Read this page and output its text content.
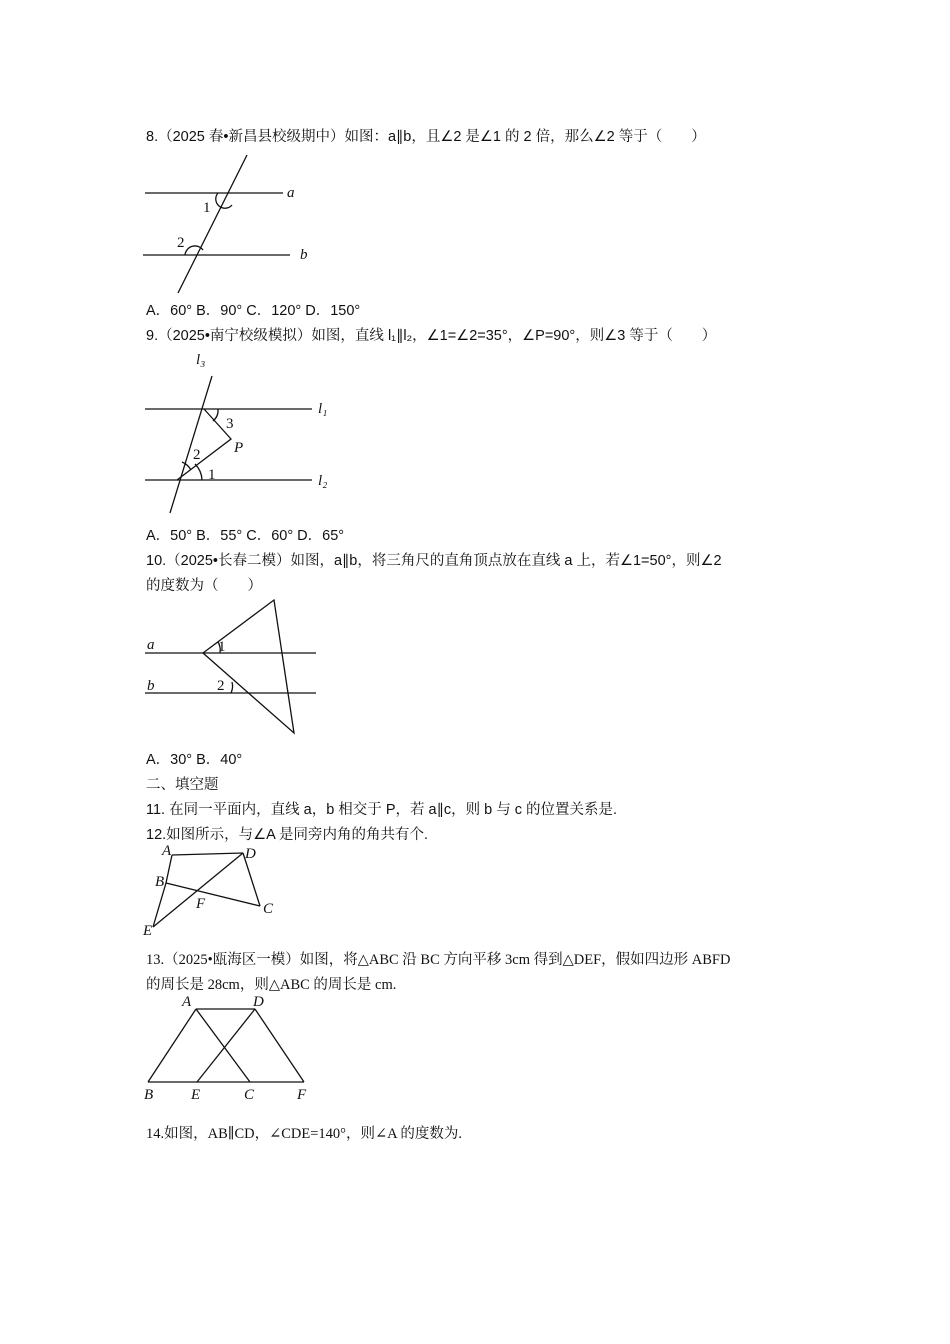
8.（2025 春•新昌县校级期中）如图：a∥b，且∠2 是∠1 的 2 倍，那么∠2 等于（　　）
a
b
1
2
A．60° B．90° C．120° D．150°
9.（2025•南宁校级模拟）如图，直线 l₁∥l₂，∠1=∠2=35°，∠P=90°，则∠3 等于（　　）
l₃
l₁
l₂
3
P
2
1
A．50° B．55° C．60° D．65°
10.（2025•长春二模）如图，a∥b，将三角尺的直角顶点放在直线 a 上，若∠1=50°，则∠2
的度数为（　　）
a
b
1
2
A．30° B．40°
二、填空题
11. 在同一平面内，直线 a，b 相交于 P，若 a∥c，则 b 与 c 的位置关系是.
12.如图所示，与∠A 是同旁内角的角共有个.
A	D
B
F	C
E
13.（2025•瓯海区一模）如图，将△ABC 沿 BC 方向平移 3cm 得到△DEF，假如四边形 ABFD
的周长是 28cm，则△ABC 的周长是 cm.
A	D
B	E	C	F
14.如图，AB∥CD，∠CDE=140°，则∠A 的度数为.
